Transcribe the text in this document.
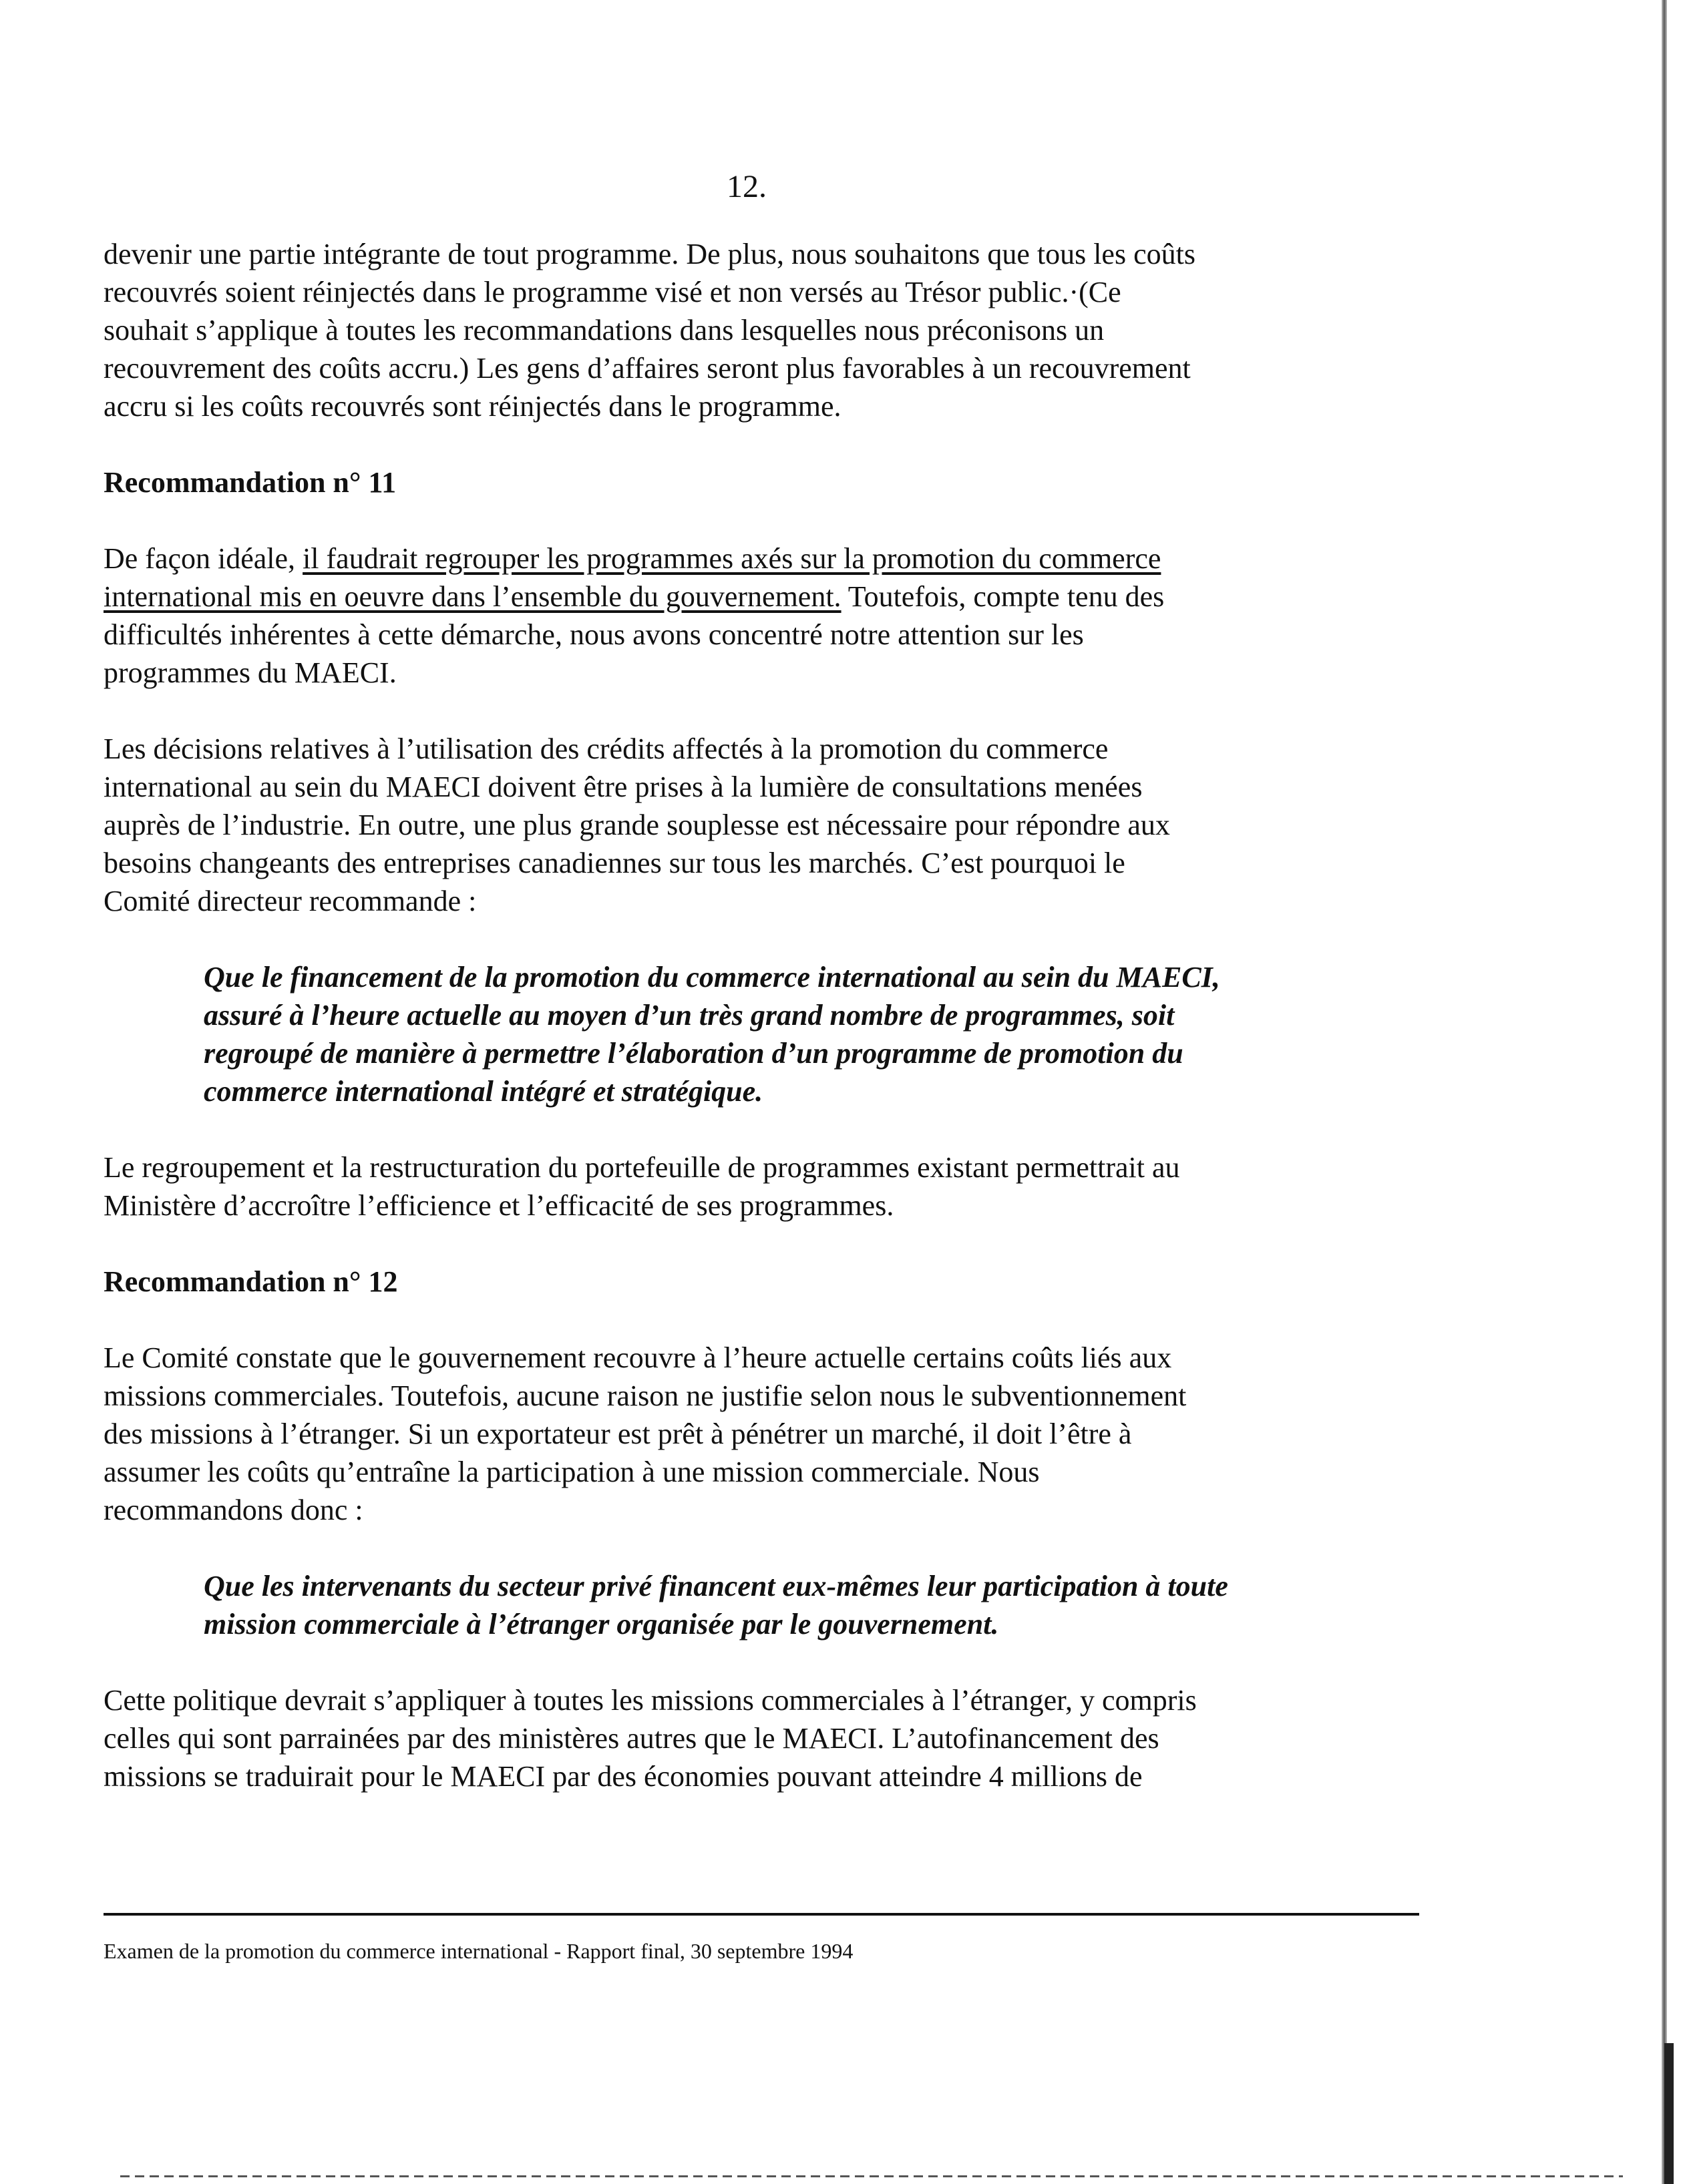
12.

devenir une partie intégrante de tout programme. De plus, nous souhaitons que tous les coûts
recouvrés soient réinjectés dans le programme visé et non versés au Trésor public.·(Ce
souhait s’applique à toutes les recommandations dans lesquelles nous préconisons un
recouvrement des coûts accru.) Les gens d’affaires seront plus favorables à un recouvrement
accru si les coûts recouvrés sont réinjectés dans le programme.

Recommandation n° 11

De façon idéale, il faudrait regrouper les programmes axés sur la promotion du commerce
international mis en oeuvre dans l’ensemble du gouvernement. Toutefois, compte tenu des
difficultés inhérentes à cette démarche, nous avons concentré notre attention sur les
programmes du MAECI.

Les décisions relatives à l’utilisation des crédits affectés à la promotion du commerce
international au sein du MAECI doivent être prises à la lumière de consultations menées
auprès de l’industrie. En outre, une plus grande souplesse est nécessaire pour répondre aux
besoins changeants des entreprises canadiennes sur tous les marchés. C’est pourquoi le
Comité directeur recommande :

Que le financement de la promotion du commerce international au sein du MAECI,
assuré à l’heure actuelle au moyen d’un très grand nombre de programmes, soit
regroupé de manière à permettre l’élaboration d’un programme de promotion du
commerce international intégré et stratégique.

Le regroupement et la restructuration du portefeuille de programmes existant permettrait au
Ministère d’accroître l’efficience et l’efficacité de ses programmes.

Recommandation n° 12

Le Comité constate que le gouvernement recouvre à l’heure actuelle certains coûts liés aux
missions commerciales. Toutefois, aucune raison ne justifie selon nous le subventionnement
des missions à l’étranger. Si un exportateur est prêt à pénétrer un marché, il doit l’être à
assumer les coûts qu’entraîne la participation à une mission commerciale. Nous
recommandons donc :

Que les intervenants du secteur privé financent eux-mêmes leur participation à toute
mission commerciale à l’étranger organisée par le gouvernement.

Cette politique devrait s’appliquer à toutes les missions commerciales à l’étranger, y compris
celles qui sont parrainées par des ministères autres que le MAECI. L’autofinancement des
missions se traduirait pour le MAECI par des économies pouvant atteindre 4 millions de

Examen de la promotion du commerce international - Rapport final, 30 septembre 1994
